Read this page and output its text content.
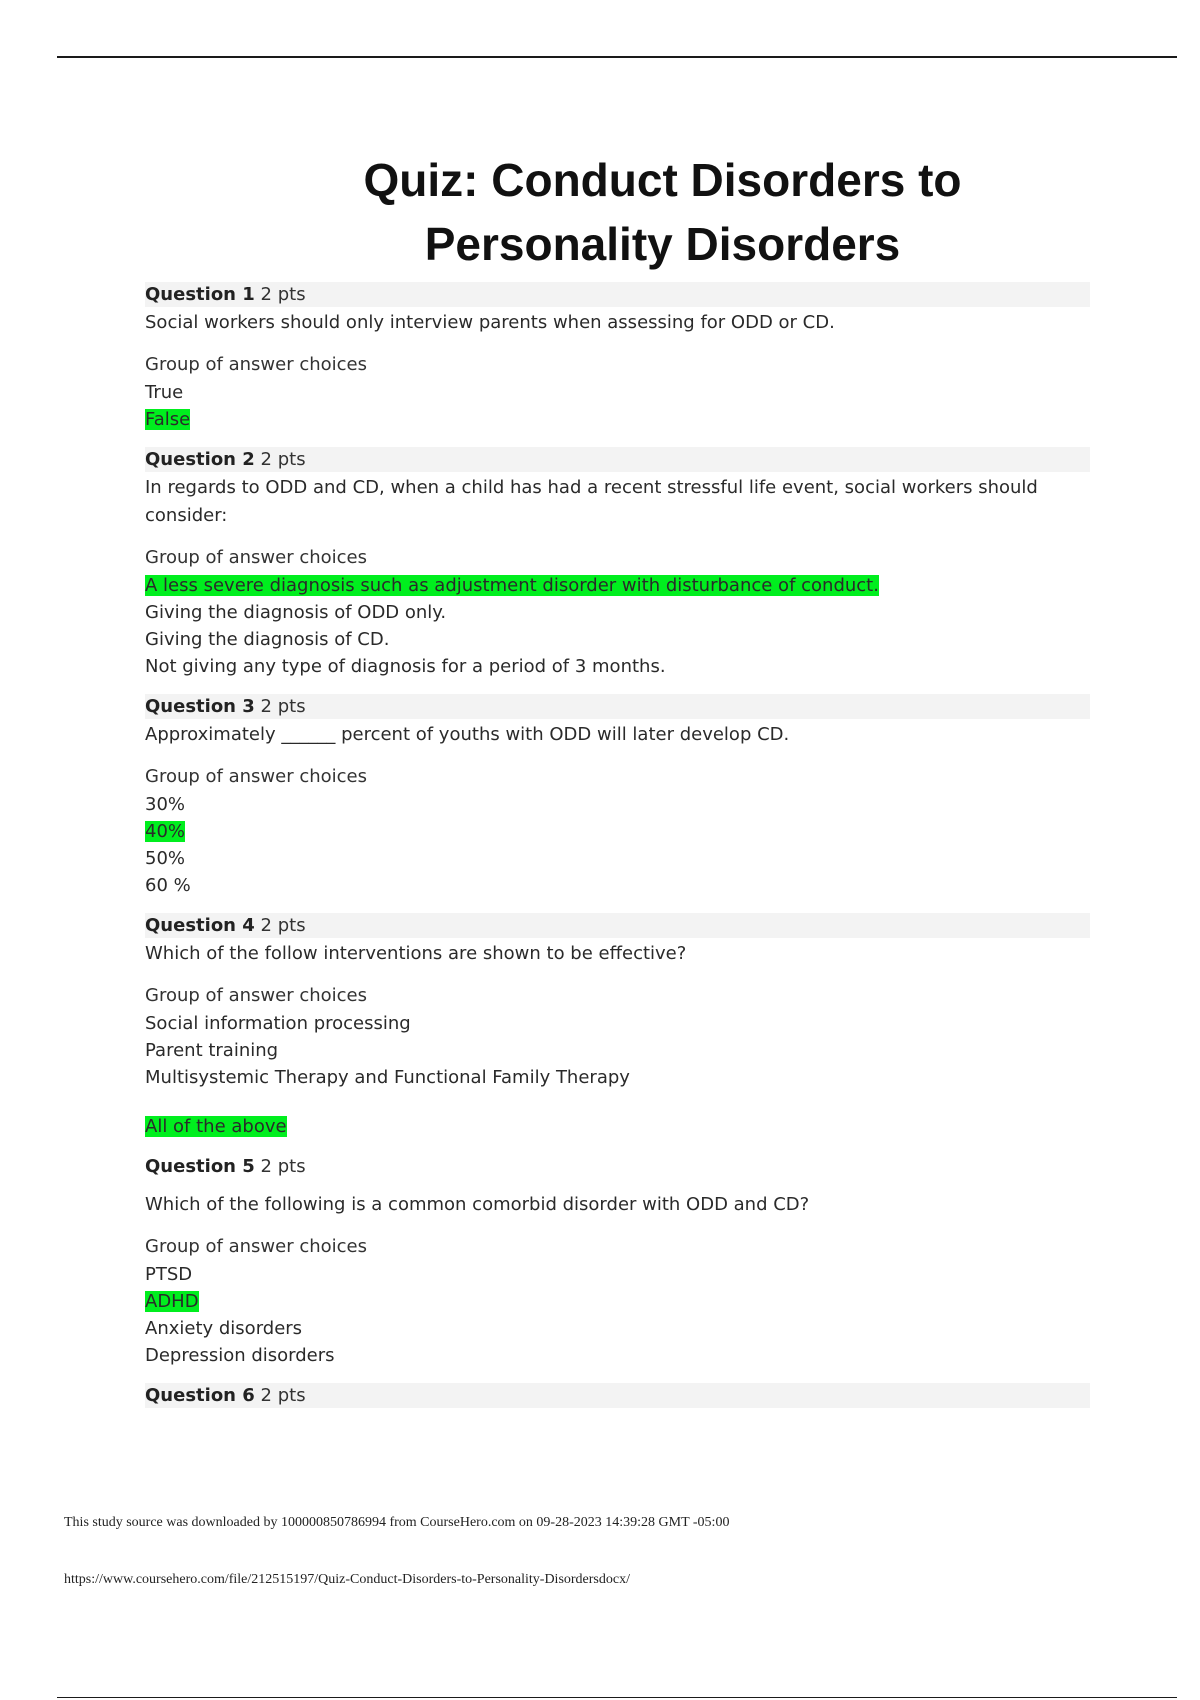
Quiz: Conduct Disorders to Personality Disorders
Question 1 2 pts
Social workers should only interview parents when assessing for ODD or CD.
Group of answer choices
True
False
Question 2 2 pts
In regards to ODD and CD, when a child has had a recent stressful life event, social workers should consider:
Group of answer choices
A less severe diagnosis such as adjustment disorder with disturbance of conduct.
Giving the diagnosis of ODD only.
Giving the diagnosis of CD.
Not giving any type of diagnosis for a period of 3 months.
Question 3 2 pts
Approximately ______ percent of youths with ODD will later develop CD.
Group of answer choices
30%
40%
50%
60 %
Question 4 2 pts
Which of the follow interventions are shown to be effective?
Group of answer choices
Social information processing
Parent training
Multisystemic Therapy and Functional Family Therapy
All of the above
Question 5 2 pts
Which of the following is a common comorbid disorder with ODD and CD?
Group of answer choices
PTSD
ADHD
Anxiety disorders
Depression disorders
Question 6 2 pts
This study source was downloaded by 100000850786994 from CourseHero.com on 09-28-2023 14:39:28 GMT -05:00
https://www.coursehero.com/file/212515197/Quiz-Conduct-Disorders-to-Personality-Disordersdocx/
